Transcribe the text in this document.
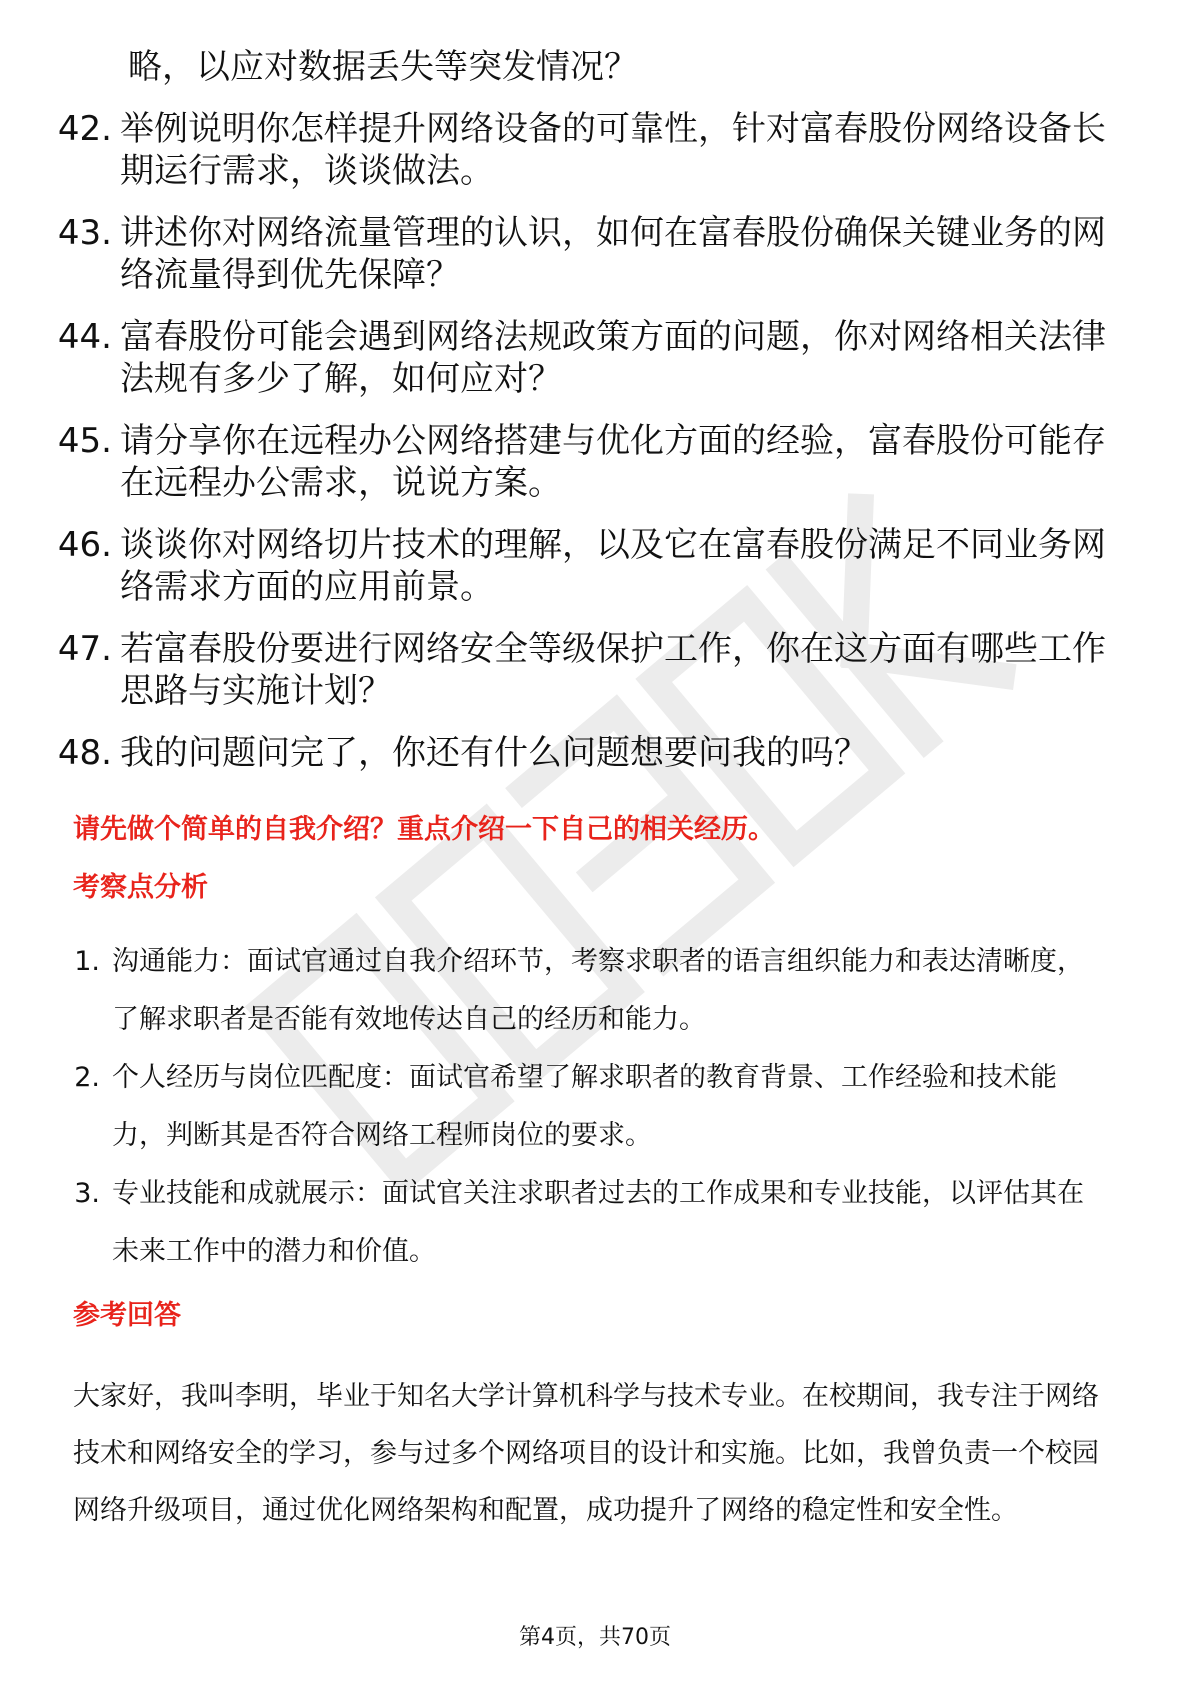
略，以应对数据丢失等突发情况？
42. 举例说明你怎样提升网络设备的可靠性，针对富春股份网络设备长期运行需求，谈谈做法。
43. 讲述你对网络流量管理的认识，如何在富春股份确保关键业务的网络流量得到优先保障？
44. 富春股份可能会遇到网络法规政策方面的问题，你对网络相关法律法规有多少了解，如何应对？
45. 请分享你在远程办公网络搭建与优化方面的经验，富春股份可能存在远程办公需求，说说方案。
46. 谈谈你对网络切片技术的理解，以及它在富春股份满足不同业务网络需求方面的应用前景。
47. 若富春股份要进行网络安全等级保护工作，你在这方面有哪些工作思路与实施计划？
48. 我的问题问完了，你还有什么问题想要问我的吗？
请先做个简单的自我介绍？重点介绍一下自己的相关经历。
考察点分析
1. 沟通能力：面试官通过自我介绍环节，考察求职者的语言组织能力和表达清晰度，了解求职者是否能有效地传达自己的经历和能力。
2. 个人经历与岗位匹配度：面试官希望了解求职者的教育背景、工作经验和技术能力，判断其是否符合网络工程师岗位的要求。
3. 专业技能和成就展示：面试官关注求职者过去的工作成果和专业技能，以评估其在未来工作中的潜力和价值。
参考回答
大家好，我叫李明，毕业于知名大学计算机科学与技术专业。在校期间，我专注于网络技术和网络安全的学习，参与过多个网络项目的设计和实施。比如，我曾负责一个校园网络升级项目，通过优化网络架构和配置，成功提升了网络的稳定性和安全性。
第4页，共70页
